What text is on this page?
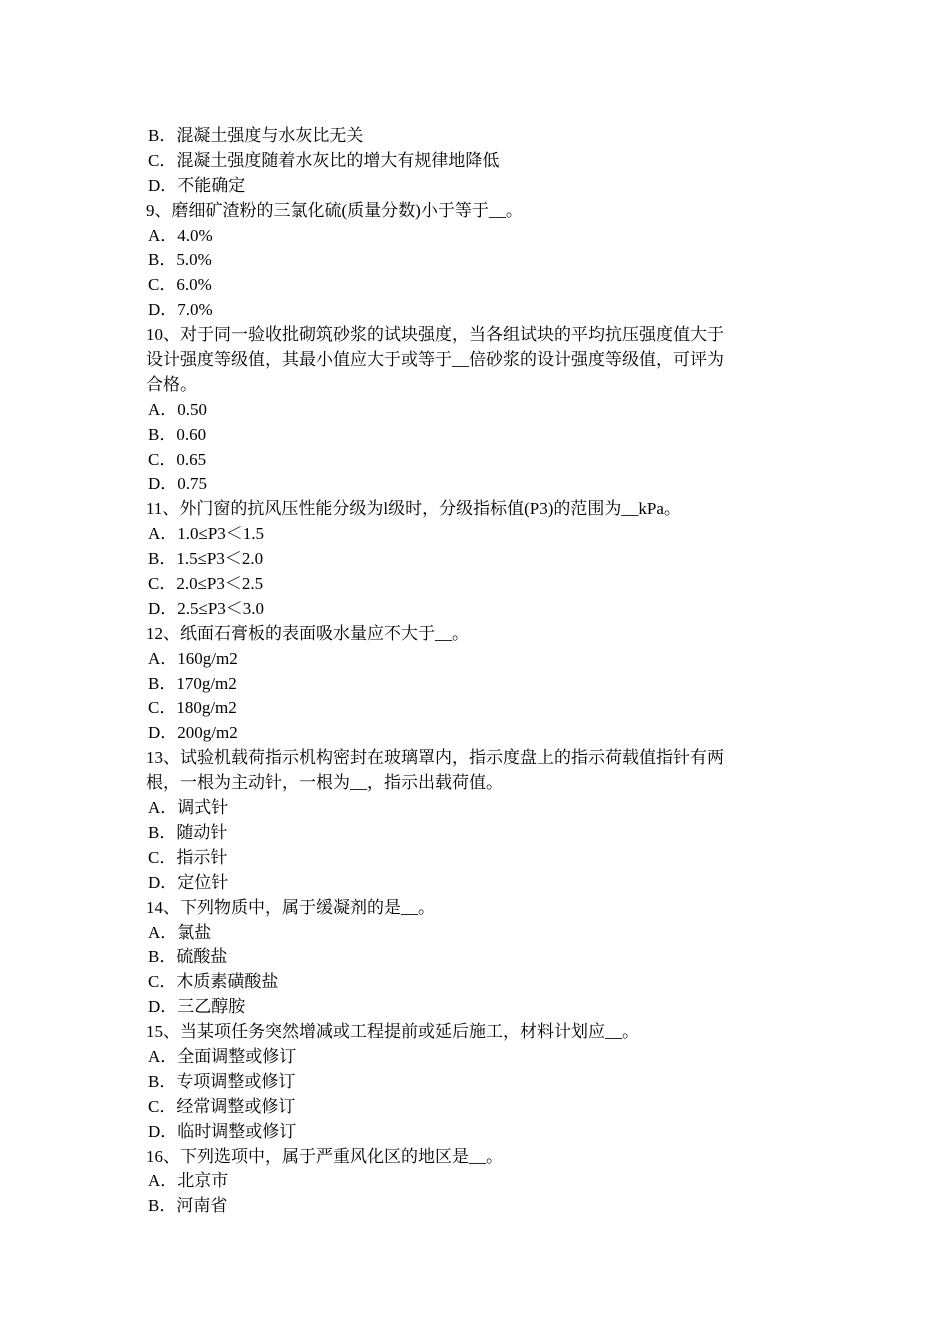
B．混凝土强度与水灰比无关
C．混凝土强度随着水灰比的增大有规律地降低
D．不能确定
9、磨细矿渣粉的三氯化硫(质量分数)小于等于__。
A．4.0%
B．5.0%
C．6.0%
D．7.0%
10、对于同一验收批砌筑砂浆的试块强度，当各组试块的平均抗压强度值大于
设计强度等级值，其最小值应大于或等于__倍砂浆的设计强度等级值，可评为
合格。
A．0.50
B．0.60
C．0.65
D．0.75
11、外门窗的抗风压性能分级为l级时，分级指标值(P3)的范围为__kPa。
A．1.0≤P3＜1.5
B．1.5≤P3＜2.0
C．2.0≤P3＜2.5
D．2.5≤P3＜3.0
12、纸面石膏板的表面吸水量应不大于__。
A．160g/m2
B．170g/m2
C．180g/m2
D．200g/m2
13、试验机载荷指示机构密封在玻璃罩内，指示度盘上的指示荷载值指针有两
根，一根为主动针，一根为__，指示出载荷值。
A．调式针
B．随动针
C．指示针
D．定位针
14、下列物质中，属于缓凝剂的是__。
A．氯盐
B．硫酸盐
C．木质素磺酸盐
D．三乙醇胺
15、当某项任务突然增减或工程提前或延后施工，材料计划应__。
A．全面调整或修订
B．专项调整或修订
C．经常调整或修订
D．临时调整或修订
16、下列选项中，属于严重风化区的地区是__。
A．北京市
B．河南省
